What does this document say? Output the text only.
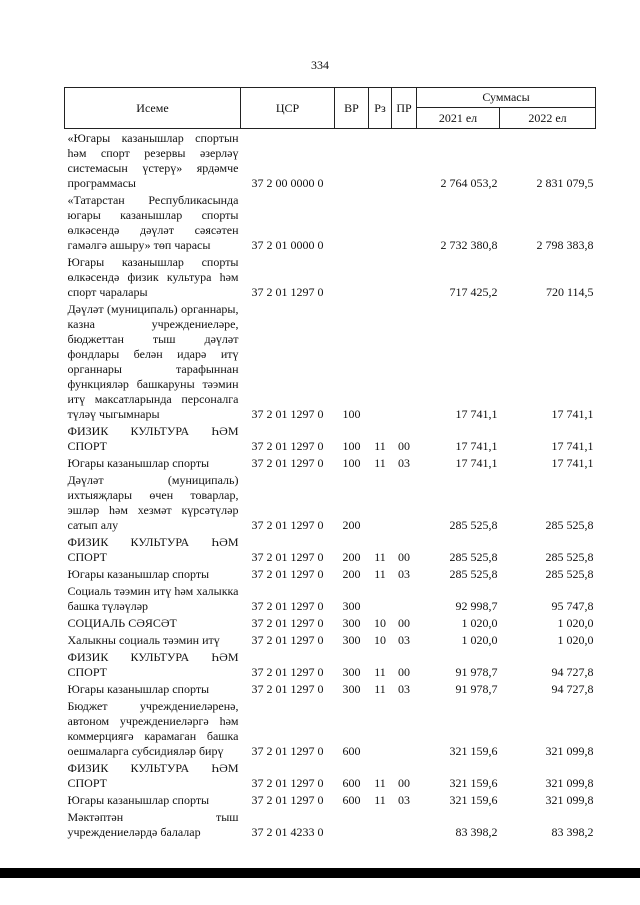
334
Исеме	ЦСР	ВР	Рз	ПР	Суммасы	
					2021 ел	2022 ел
«Югары казанышлар спортын һәм спорт резервы әзерләү системасын үстерү» ярдәмче программасы	37 2 00 0000 0				2 764 053,2	2 831 079,5
«Татарстан Республикасында югары казанышлар спорты өлкәсендә дәүләт сәясәтен гамәлгә ашыру» төп чарасы	37 2 01 0000 0				2 732 380,8	2 798 383,8
Югары казанышлар спорты өлкәсендә физик культура һәм спорт чаралары	37 2 01 1297 0				717 425,2	720 114,5
Дәүләт (муниципаль) органнары, казна учреждениеләре, бюджеттан тыш дәүләт фондлары белән идарә итү органнары тарафыннан функцияләр башкаруны тәэмин итү максатларында персоналга түләү чыгымнары	37 2 01 1297 0	100			17 741,1	17 741,1
ФИЗИК КУЛЬТУРА ҺӘМ СПОРТ	37 2 01 1297 0	100	11	00	17 741,1	17 741,1
Югары казанышлар спорты	37 2 01 1297 0	100	11	03	17 741,1	17 741,1
Дәүләт (муниципаль) ихтыяҗлары өчен товарлар, эшләр һәм хезмәт күрсәтүләр сатып алу	37 2 01 1297 0	200			285 525,8	285 525,8
ФИЗИК КУЛЬТУРА ҺӘМ СПОРТ	37 2 01 1297 0	200	11	00	285 525,8	285 525,8
Югары казанышлар спорты	37 2 01 1297 0	200	11	03	285 525,8	285 525,8
Социаль тәэмин итү һәм халыкка башка түләүләр	37 2 01 1297 0	300			92 998,7	95 747,8
СОЦИАЛЬ СӘЯСӘТ	37 2 01 1297 0	300	10	00	1 020,0	1 020,0
Халыкны социаль тәэмин итү	37 2 01 1297 0	300	10	03	1 020,0	1 020,0
ФИЗИК КУЛЬТУРА ҺӘМ СПОРТ	37 2 01 1297 0	300	11	00	91 978,7	94 727,8
Югары казанышлар спорты	37 2 01 1297 0	300	11	03	91 978,7	94 727,8
Бюджет учреждениеләренә, автоном учреждениеләргә һәм коммерциягә карамаган башка оешмаларга субсидияләр бирү	37 2 01 1297 0	600			321 159,6	321 099,8
ФИЗИК КУЛЬТУРА ҺӘМ СПОРТ	37 2 01 1297 0	600	11	00	321 159,6	321 099,8
Югары казанышлар спорты	37 2 01 1297 0	600	11	03	321 159,6	321 099,8
Мәктәптән тыш учреждениеләрдә балалар	37 2 01 4233 0				83 398,2	83 398,2
